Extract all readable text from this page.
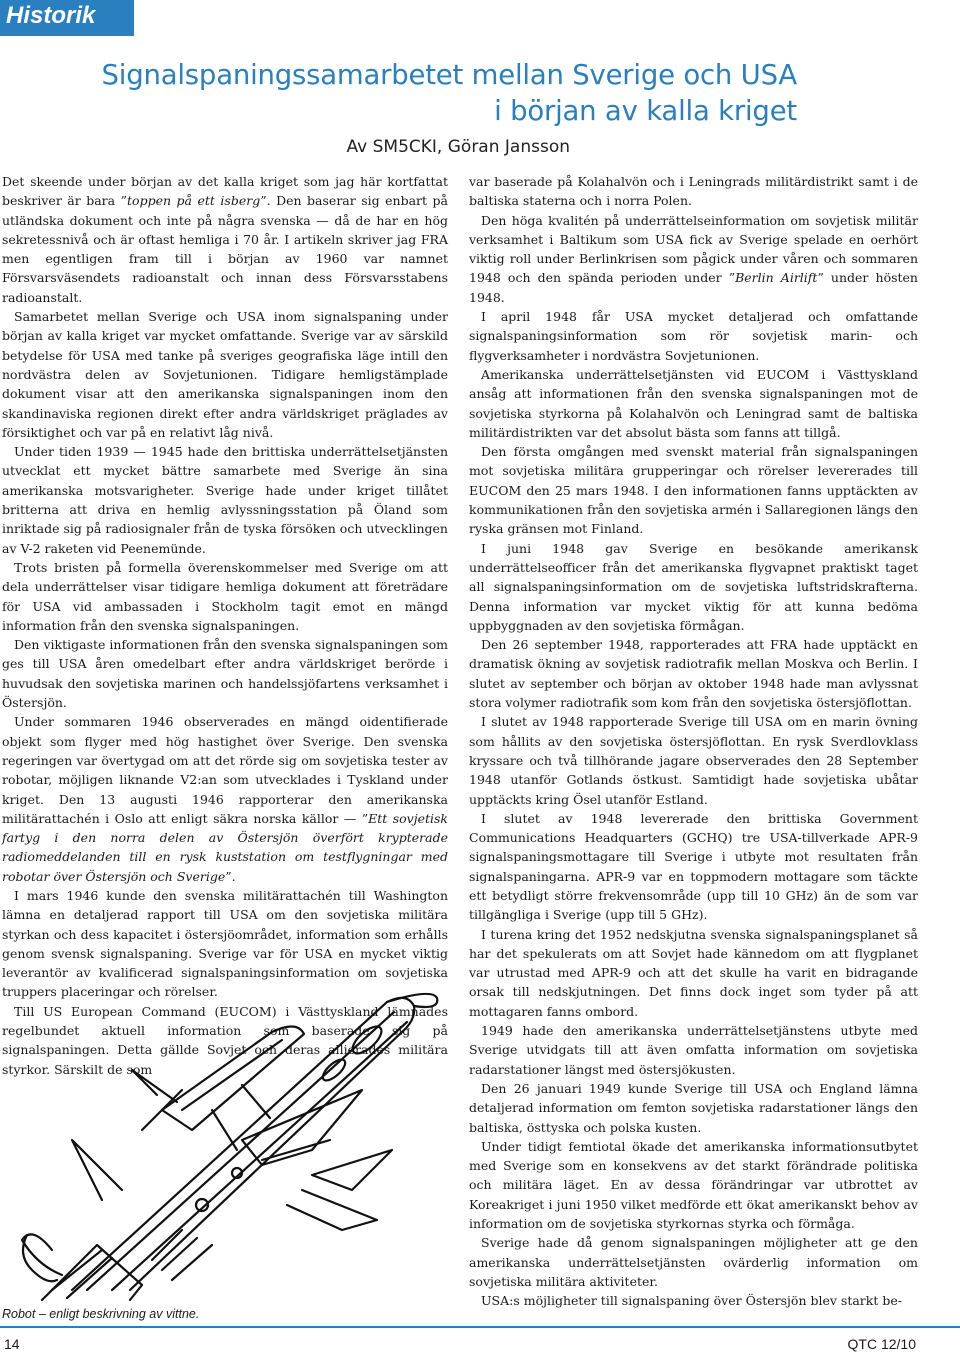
Historik
Signalspaningssamarbetet mellan Sverige och USA
i början av kalla kriget
Av SM5CKI, Göran Jansson

Det skeende under början av det kalla kriget som jag här kortfattat beskriver är bara ”toppen på ett isberg”. Den baserar sig enbart på utländska dokument och inte på några svenska — då de har en hög sekretessnivå och är oftast hemliga i 70 år. I artikeln skriver jag FRA men egentligen fram till i början av 1960 var namnet Försvarsväsendets radioanstalt och innan dess Försvarsstabens radioanstalt.

Samarbetet mellan Sverige och USA inom signalspaning under början av kalla kriget var mycket omfattande. Sverige var av särskild betydelse för USA med tanke på sveriges geografiska läge intill den nordvästra delen av Sovjetunionen. Tidigare hemligstämplade dokument visar att den amerikanska signalspaningen inom den skandinaviska regionen direkt efter andra världskriget präglades av försiktighet och var på en relativt låg nivå.

Under tiden 1939 — 1945 hade den brittiska underrättelsetjänsten utvecklat ett mycket bättre samarbete med Sverige än sina amerikanska motsvarigheter. Sverige hade under kriget tillåtet britterna att driva en hemlig avlyssningsstation på Öland som inriktade sig på radiosignaler från de tyska försöken och utvecklingen av V-2 raketen vid Peenemünde.

Trots bristen på formella överenskommelser med Sverige om att dela underrättelser visar tidigare hemliga dokument att företrädare för USA vid ambassaden i Stockholm tagit emot en mängd information från den svenska signalspaningen.

Den viktigaste informationen från den svenska signalspaningen som ges till USA åren omedelbart efter andra världskriget berörde i huvudsak den sovjetiska marinen och handelssjöfartens verksamhet i Östersjön.

Under sommaren 1946 observerades en mängd oidentifierade objekt som flyger med hög hastighet över Sverige. Den svenska regeringen var övertygad om att det rörde sig om sovjetiska tester av robotar, möjligen liknande V2:an som utvecklades i Tyskland under kriget. Den 13 augusti 1946 rapporterar den amerikanska militärattachén i Oslo att enligt säkra norska källor — ”Ett sovjetisk fartyg i den norra delen av Östersjön överfört krypterade radiomeddelanden till en rysk kuststation om testflygningar med robotar över Östersjön och Sverige”.

I mars 1946 kunde den svenska militärattachén till Washington lämna en detaljerad rapport till USA om den sovjetiska militära styrkan och dess kapacitet i östersjöområdet, information som erhålls genom svensk signalspaning. Sverige var för USA en mycket viktig leverantör av kvalificerad signalspaningsinformation om sovjetiska truppers placeringar och rörelser.

Till US European Command (EUCOM) i Västtyskland lämnades regelbundet aktuell information som baserade sig på signalspaningen. Detta gällde Sovjet och deras allierades militära styrkor. Särskilt de som

var baserade på Kolahalvön och i Leningrads militärdistrikt samt i de baltiska staterna och i norra Polen.

Den höga kvalitén på underrättelseinformation om sovjetisk militär verksamhet i Baltikum som USA fick av Sverige spelade en oerhört viktig roll under Berlinkrisen som pågick under våren och sommaren 1948 och den spända perioden under ”Berlin Airlift” under hösten 1948.

I april 1948 får USA mycket detaljerad och omfattande signalspaningsinformation som rör sovjetisk marin- och flygverksamheter i nordvästra Sovjetunionen.

Amerikanska underrättelsetjänsten vid EUCOM i Västtyskland ansåg att informationen från den svenska signalspaningen mot de sovjetiska styrkorna på Kolahalvön och Leningrad samt de baltiska militärdistrikten var det absolut bästa som fanns att tillgå.

Den första omgången med svenskt material från signalspaningen mot sovjetiska militära grupperingar och rörelser levererades till EUCOM den 25 mars 1948. I den informationen fanns upptäckten av kommunikationen från den sovjetiska armén i Sallaregionen längs den ryska gränsen mot Finland.

I juni 1948 gav Sverige en besökande amerikansk underrättelseofficer från det amerikanska flygvapnet praktiskt taget all signalspaningsinformation om de sovjetiska luftstridskrafterna. Denna information var mycket viktig för att kunna bedöma uppbyggnaden av den sovjetiska förmågan.

Den 26 september 1948, rapporterades att FRA hade upptäckt en dramatisk ökning av sovjetisk radiotrafik mellan Moskva och Berlin. I slutet av september och början av oktober 1948 hade man avlyssnat stora volymer radiotrafik som kom från den sovjetiska östersjöflottan.

I slutet av 1948 rapporterade Sverige till USA om en marin övning som hållits av den sovjetiska östersjöflottan. En rysk Sverdlovklass kryssare och två tillhörande jagare observerades den 28 September 1948 utanför Gotlands östkust. Samtidigt hade sovjetiska ubåtar upptäckts kring Ösel utanför Estland.

I slutet av 1948 levererade den brittiska Government Communications Headquarters (GCHQ) tre USA-tillverkade APR-9 signalspaningsmottagare till Sverige i utbyte mot resultaten från signalspaningarna. APR-9 var en toppmodern mottagare som täckte ett betydligt större frekvensområde (upp till 10 GHz) än de som var tillgängliga i Sverige (upp till 5 GHz).

I turena kring det 1952 nedskjutna svenska signalspaningsplanet så har det spekulerats om att Sovjet hade kännedom om att flygplanet var utrustad med APR-9 och att det skulle ha varit en bidragande orsak till nedskjutningen. Det finns dock inget som tyder på att mottagaren fanns ombord.

1949 hade den amerikanska underrättelsetjänstens utbyte med Sverige utvidgats till att även omfatta information om sovjetiska radarstationer längst med östersjökusten.

Den 26 januari 1949 kunde Sverige till USA och England lämna detaljerad information om femton sovjetiska radarstationer längs den baltiska, östtyska och polska kusten.

Under tidigt femtiotal ökade det amerikanska informationsutbytet med Sverige som en konsekvens av det starkt förändrade politiska och militära läget. En av dessa förändringar var utbrottet av Koreakriget i juni 1950 vilket medförde ett ökat amerikanskt behov av information om de sovjetiska styrkornas styrka och förmåga.

Sverige hade då genom signalspaningen möjligheter att ge den amerikanska underrättelsetjänsten ovärderlig information om sovjetiska militära aktiviteter.

USA:s möjligheter till signalspaning över Östersjön blev starkt be-

Robot – enligt beskrivning av vittne.
14	QTC 12/10
